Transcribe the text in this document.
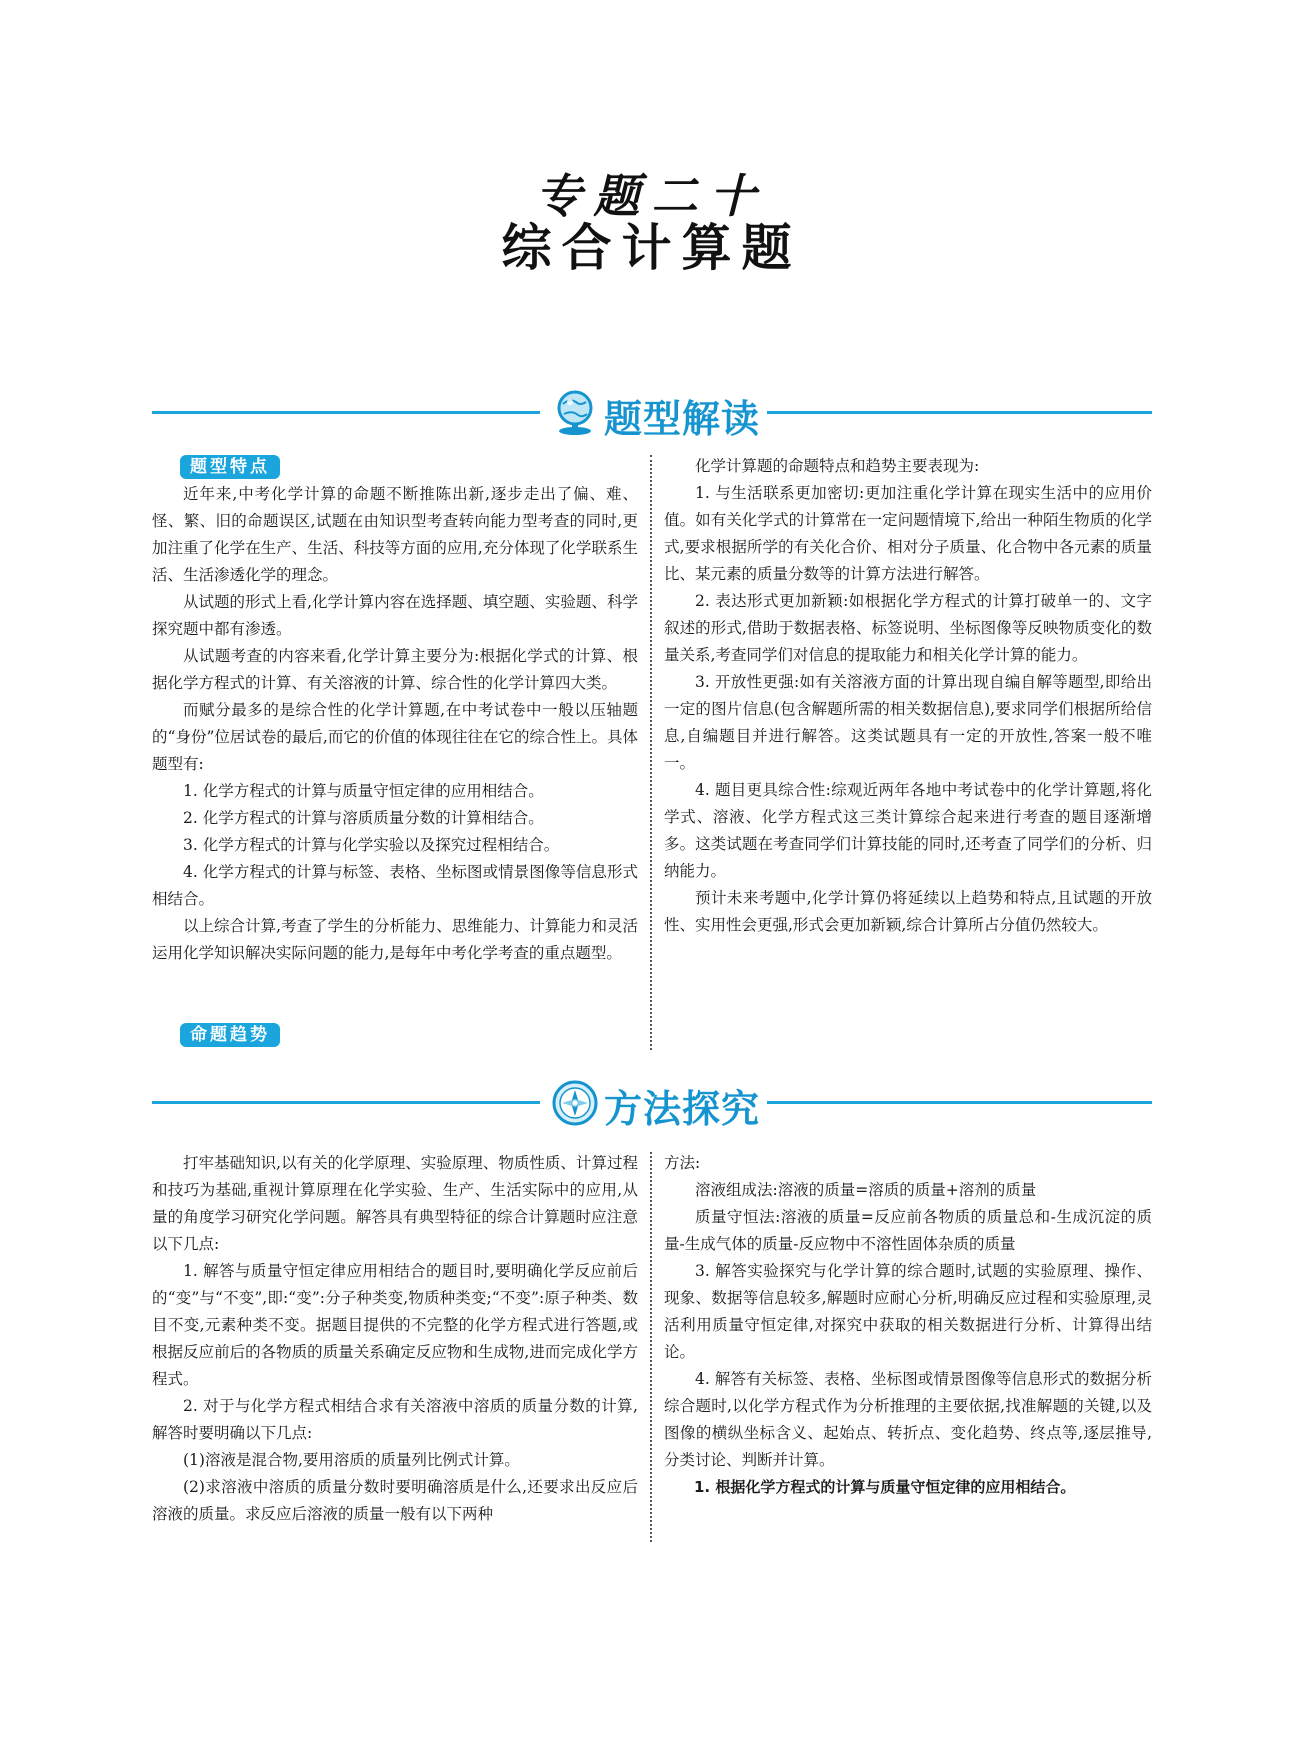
专题二十
综合计算题
题型解读
题型特点

近年来,中考化学计算的命题不断推陈出新,逐步走出了偏、难、怪、繁、旧的命题误区,试题在由知识型考查转向能力型考查的同时,更加注重了化学在生产、生活、科技等方面的应用,充分体现了化学联系生活、生活渗透化学的理念。

从试题的形式上看,化学计算内容在选择题、填空题、实验题、科学探究题中都有渗透。

从试题考查的内容来看,化学计算主要分为:根据化学式的计算、根据化学方程式的计算、有关溶液的计算、综合性的化学计算四大类。

而赋分最多的是综合性的化学计算题,在中考试卷中一般以压轴题的“身份”位居试卷的最后,而它的价值的体现往往在它的综合性上。具体题型有:

1. 化学方程式的计算与质量守恒定律的应用相结合。

2. 化学方程式的计算与溶质质量分数的计算相结合。

3. 化学方程式的计算与化学实验以及探究过程相结合。

4. 化学方程式的计算与标签、表格、坐标图或情景图像等信息形式相结合。

以上综合计算,考查了学生的分析能力、思维能力、计算能力和灵活运用化学知识解决实际问题的能力,是每年中考化学考查的重点题型。

命题趋势

化学计算题的命题特点和趋势主要表现为:

1. 与生活联系更加密切:更加注重化学计算在现实生活中的应用价值。如有关化学式的计算常在一定问题情境下,给出一种陌生物质的化学式,要求根据所学的有关化合价、相对分子质量、化合物中各元素的质量比、某元素的质量分数等的计算方法进行解答。

2. 表达形式更加新颖:如根据化学方程式的计算打破单一的、文字叙述的形式,借助于数据表格、标签说明、坐标图像等反映物质变化的数量关系,考查同学们对信息的提取能力和相关化学计算的能力。

3. 开放性更强:如有关溶液方面的计算出现自编自解等题型,即给出一定的图片信息(包含解题所需的相关数据信息),要求同学们根据所给信息,自编题目并进行解答。这类试题具有一定的开放性,答案一般不唯一。

4. 题目更具综合性:综观近两年各地中考试卷中的化学计算题,将化学式、溶液、化学方程式这三类计算综合起来进行考查的题目逐渐增多。这类试题在考查同学们计算技能的同时,还考查了同学们的分析、归纳能力。

预计未来考题中,化学计算仍将延续以上趋势和特点,且试题的开放性、实用性会更强,形式会更加新颖,综合计算所占分值仍然较大。

方法探究

打牢基础知识,以有关的化学原理、实验原理、物质性质、计算过程和技巧为基础,重视计算原理在化学实验、生产、生活实际中的应用,从量的角度学习研究化学问题。解答具有典型特征的综合计算题时应注意以下几点:

1. 解答与质量守恒定律应用相结合的题目时,要明确化学反应前后的“变”与“不变”,即:“变”:分子种类变,物质种类变;“不变”:原子种类、数目不变,元素种类不变。据题目提供的不完整的化学方程式进行答题,或根据反应前后的各物质的质量关系确定反应物和生成物,进而完成化学方程式。

2. 对于与化学方程式相结合求有关溶液中溶质的质量分数的计算,解答时要明确以下几点:

(1)溶液是混合物,要用溶质的质量列比例式计算。

(2)求溶液中溶质的质量分数时要明确溶质是什么,还要求出反应后溶液的质量。求反应后溶液的质量一般有以下两种

方法:

溶液组成法:溶液的质量=溶质的质量+溶剂的质量

质量守恒法:溶液的质量=反应前各物质的质量总和-生成沉淀的质量-生成气体的质量-反应物中不溶性固体杂质的质量

3. 解答实验探究与化学计算的综合题时,试题的实验原理、操作、现象、数据等信息较多,解题时应耐心分析,明确反应过程和实验原理,灵活利用质量守恒定律,对探究中获取的相关数据进行分析、计算得出结论。

4. 解答有关标签、表格、坐标图或情景图像等信息形式的数据分析综合题时,以化学方程式作为分析推理的主要依据,找准解题的关键,以及图像的横纵坐标含义、起始点、转折点、变化趋势、终点等,逐层推导,分类讨论、判断并计算。

1. 根据化学方程式的计算与质量守恒定律的应用相结合。
